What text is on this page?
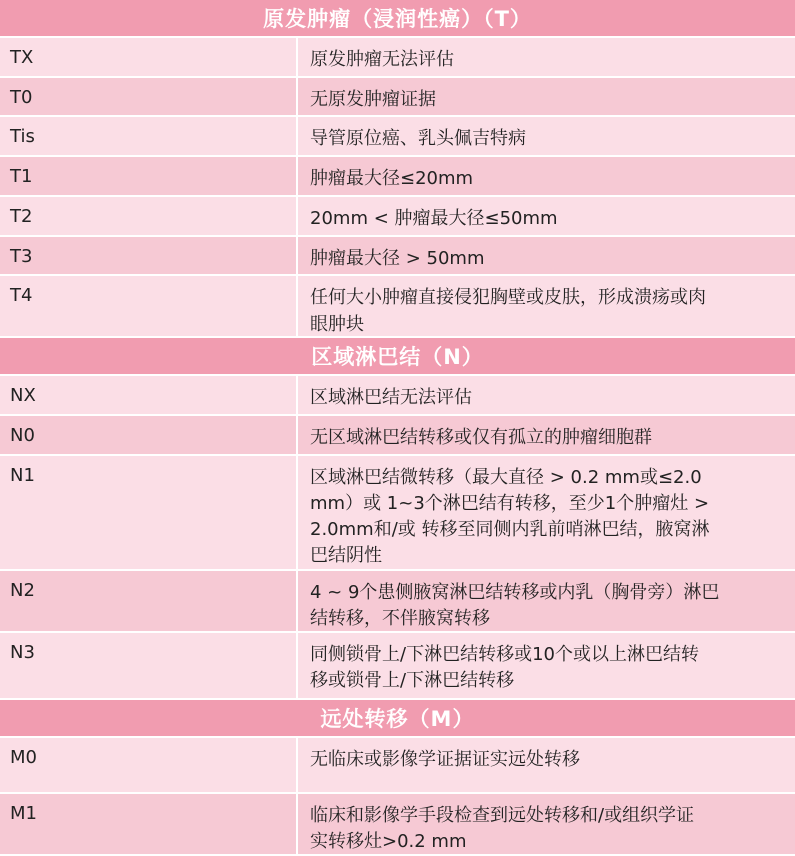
原发肿瘤（浸润性癌）（T）
TX	原发肿瘤无法评估
T0	无原发肿瘤证据
Tis	导管原位癌、乳头佩吉特病
T1	肿瘤最大径≤20mm
T2	20mm < 肿瘤最大径≤50mm
T3	肿瘤最大径 > 50mm
T4	任何大小肿瘤直接侵犯胸壁或皮肤，形成溃疡或肉
眼肿块
区域淋巴结（N）
NX	区域淋巴结无法评估
N0	无区域淋巴结转移或仅有孤立的肿瘤细胞群
N1	区域淋巴结微转移（最大直径 > 0.2 mm或≤2.0
mm）或 1~3个淋巴结有转移，至少1个肿瘤灶 >
2.0mm和/或 转移至同侧内乳前哨淋巴结，腋窝淋
巴结阴性
N2	4 ~ 9个患侧腋窝淋巴结转移或内乳（胸骨旁）淋巴
结转移，不伴腋窝转移
N3	同侧锁骨上/下淋巴结转移或10个或以上淋巴结转
移或锁骨上/下淋巴结转移
远处转移（M）
M0	无临床或影像学证据证实远处转移
M1	临床和影像学手段检查到远处转移和/或组织学证
实转移灶>0.2 mm
